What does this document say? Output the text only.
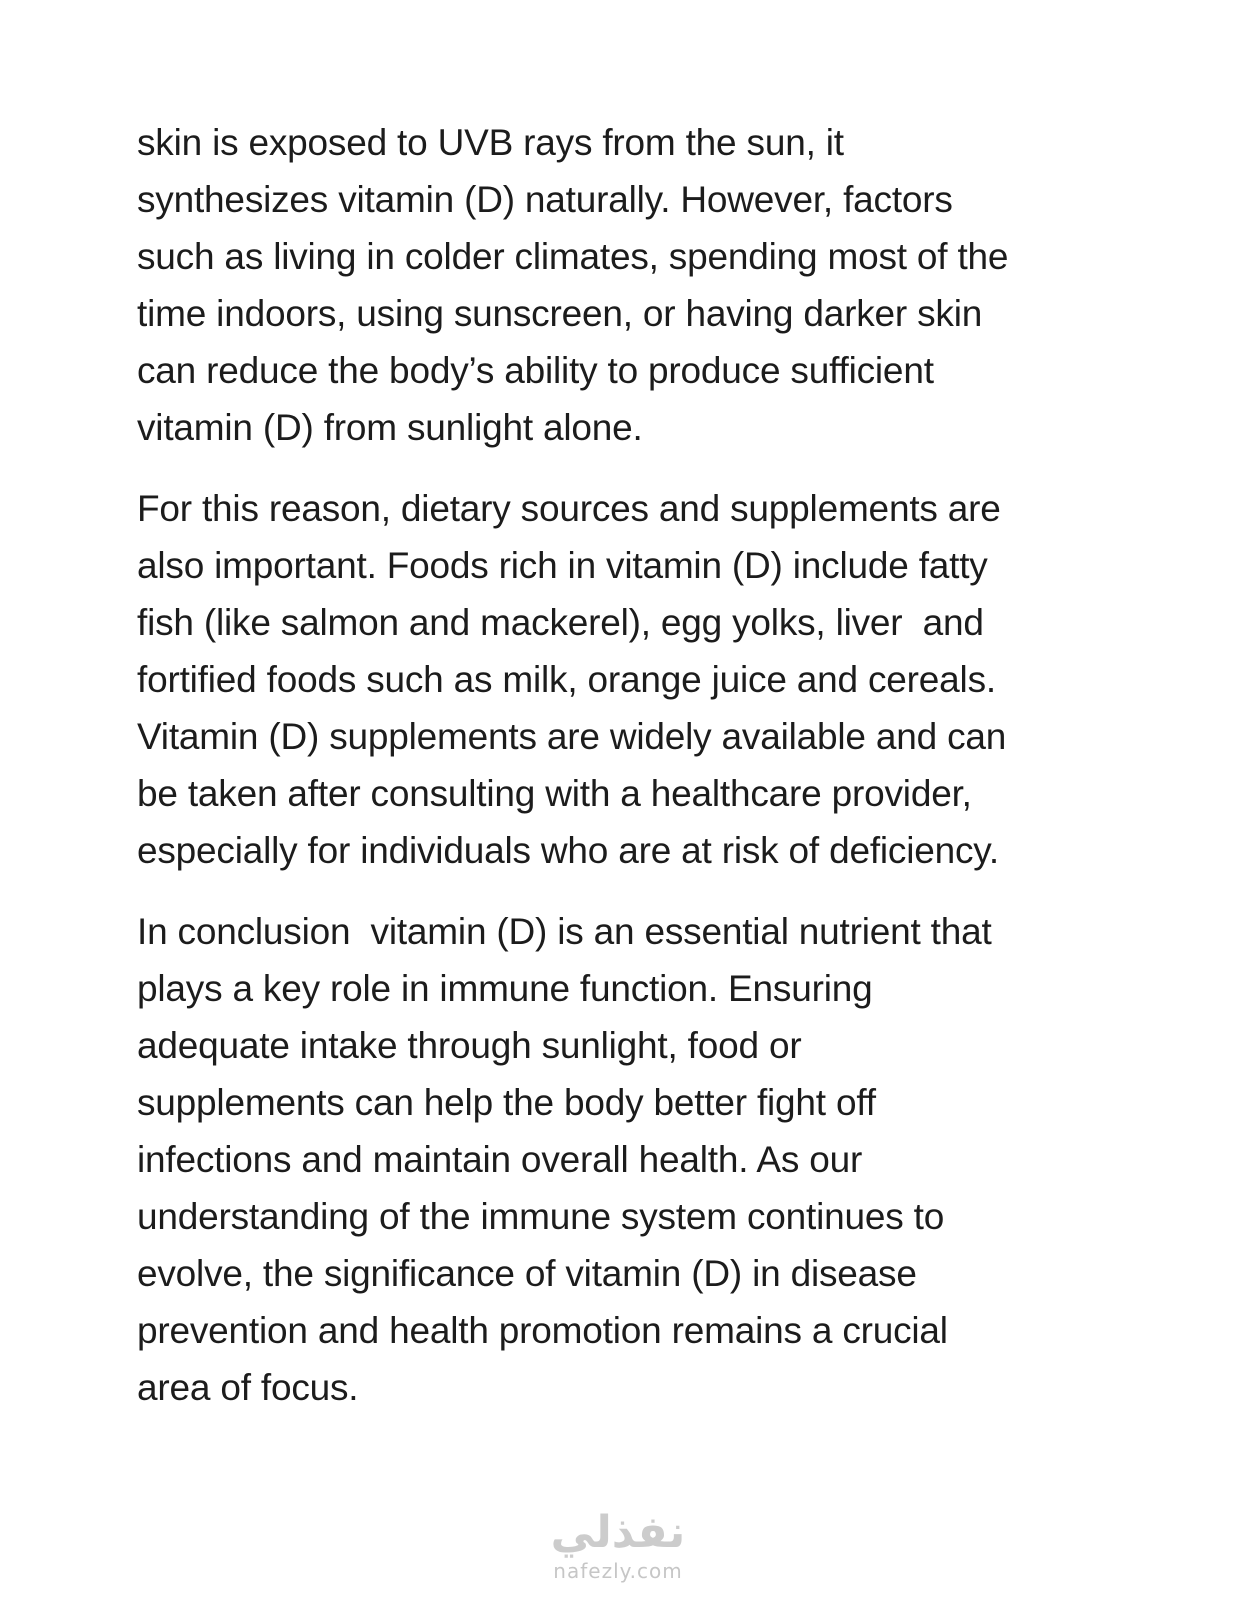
skin is exposed to UVB rays from the sun, it
synthesizes vitamin (D) naturally. However, factors
such as living in colder climates, spending most of the
time indoors, using sunscreen, or having darker skin
can reduce the body’s ability to produce sufficient
vitamin (D) from sunlight alone.
For this reason, dietary sources and supplements are
also important. Foods rich in vitamin (D) include fatty
fish (like salmon and mackerel), egg yolks, liver  and
fortified foods such as milk, orange juice and cereals.
Vitamin (D) supplements are widely available and can
be taken after consulting with a healthcare provider,
especially for individuals who are at risk of deficiency.
In conclusion  vitamin (D) is an essential nutrient that
plays a key role in immune function. Ensuring
adequate intake through sunlight, food or
supplements can help the body better fight off
infections and maintain overall health. As our
understanding of the immune system continues to
evolve, the significance of vitamin (D) in disease
prevention and health promotion remains a crucial
area of focus.
نفذلي
nafezly.com
